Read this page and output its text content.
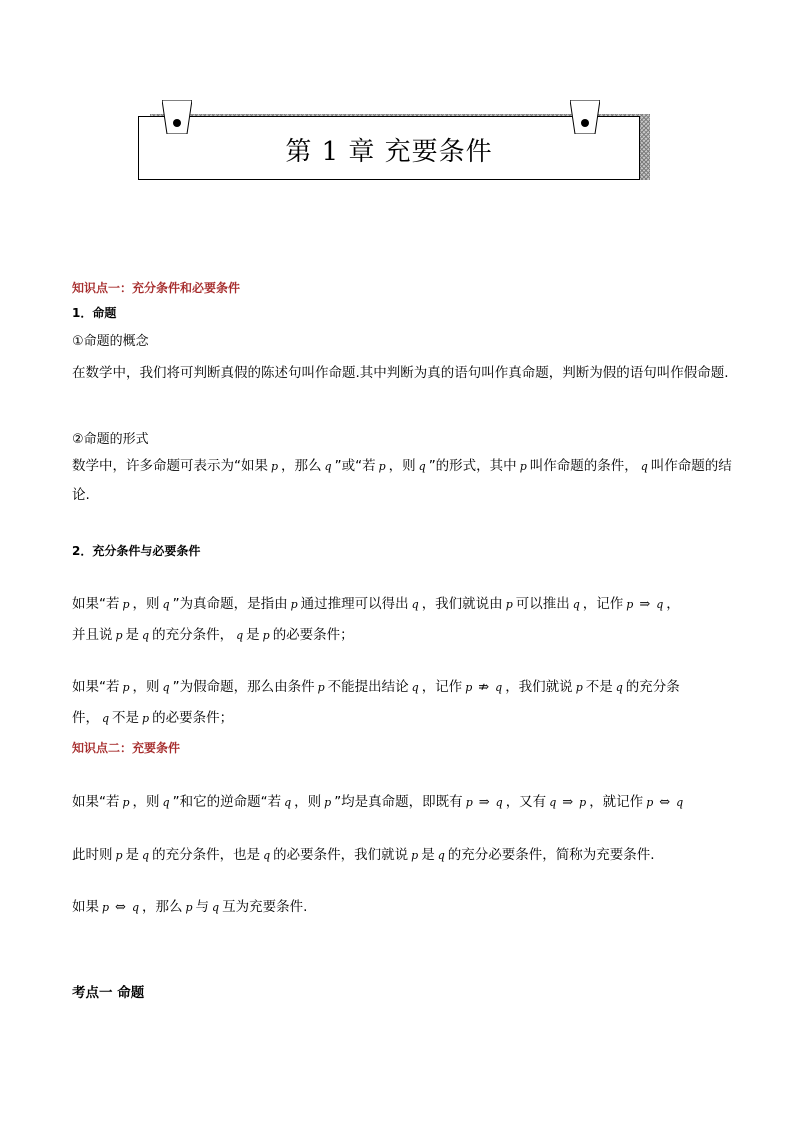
第 1 章 充要条件
知识点一：充分条件和必要条件
1．命题
①命题的概念
在数学中，我们将可判断真假的陈述句叫作命题.其中判断为真的语句叫作真命题，判断为假的语句叫作假命题.
②命题的形式
数学中，许多命题可表示为“如果 p ，那么 q ”或“若 p ，则 q ”的形式，其中 p 叫作命题的条件， q 叫作命题的结论.
2．充分条件与必要条件
如果“若 p ，则 q ”为真命题，是指由 p 通过推理可以得出 q ，我们就说由 p 可以推出 q ，记作 p ⇒ q ，
并且说 p 是 q 的充分条件， q 是 p 的必要条件；
如果“若 p ，则 q ”为假命题，那么由条件 p 不能提出结论 q ，记作 p ⇏ q ，我们就说 p 不是 q 的充分条
件， q 不是 p 的必要条件；
知识点二：充要条件
如果“若 p ，则 q ”和它的逆命题“若 q ，则 p ”均是真命题，即既有 p ⇒ q ，又有 q ⇒ p ，就记作 p ⇔ q
此时则 p 是 q 的充分条件，也是 q 的必要条件，我们就说 p 是 q 的充分必要条件，简称为充要条件.
如果 p ⇔ q ，那么 p 与 q 互为充要条件.
考点一 命题
